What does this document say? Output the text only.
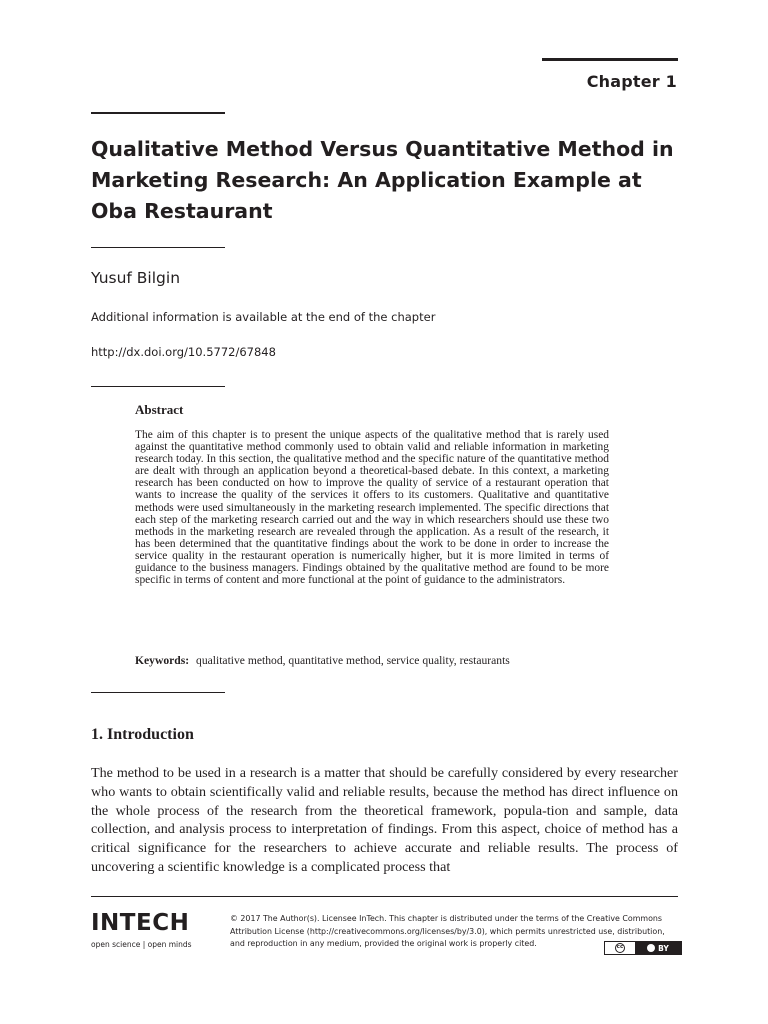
Chapter 1
Qualitative Method Versus Quantitative Method in Marketing Research: An Application Example at Oba Restaurant
Yusuf Bilgin
Additional information is available at the end of the chapter
http://dx.doi.org/10.5772/67848
Abstract
The aim of this chapter is to present the unique aspects of the qualitative method that is rarely used against the quantitative method commonly used to obtain valid and reliable information in marketing research today. In this section, the qualitative method and the specific nature of the quantitative method are dealt with through an application beyond a theoretical-based debate. In this context, a marketing research has been conducted on how to improve the quality of service of a restaurant operation that wants to increase the quality of the services it offers to its customers. Qualitative and quantitative methods were used simultaneously in the marketing research implemented. The specific directions that each step of the marketing research carried out and the way in which researchers should use these two methods in the marketing research are revealed through the application. As a result of the research, it has been determined that the quantitative findings about the work to be done in order to increase the service quality in the restaurant operation is numerically higher, but it is more limited in terms of guidance to the business managers. Findings obtained by the qualitative method are found to be more specific in terms of content and more functional at the point of guidance to the administrators.
Keywords: qualitative method, quantitative method, service quality, restaurants
1. Introduction
The method to be used in a research is a matter that should be carefully considered by every researcher who wants to obtain scientifically valid and reliable results, because the method has direct influence on the whole process of the research from the theoretical framework, popula-tion and sample, data collection, and analysis process to interpretation of findings. From this aspect, choice of method has a critical significance for the researchers to achieve accurate and reliable results. The process of uncovering a scientific knowledge is a complicated process that
INTECH
open science | open minds
© 2017 The Author(s). Licensee InTech. This chapter is distributed under the terms of the Creative Commons Attribution License (http://creativecommons.org/licenses/by/3.0), which permits unrestricted use, distribution, and reproduction in any medium, provided the original work is properly cited.	cc	BY
